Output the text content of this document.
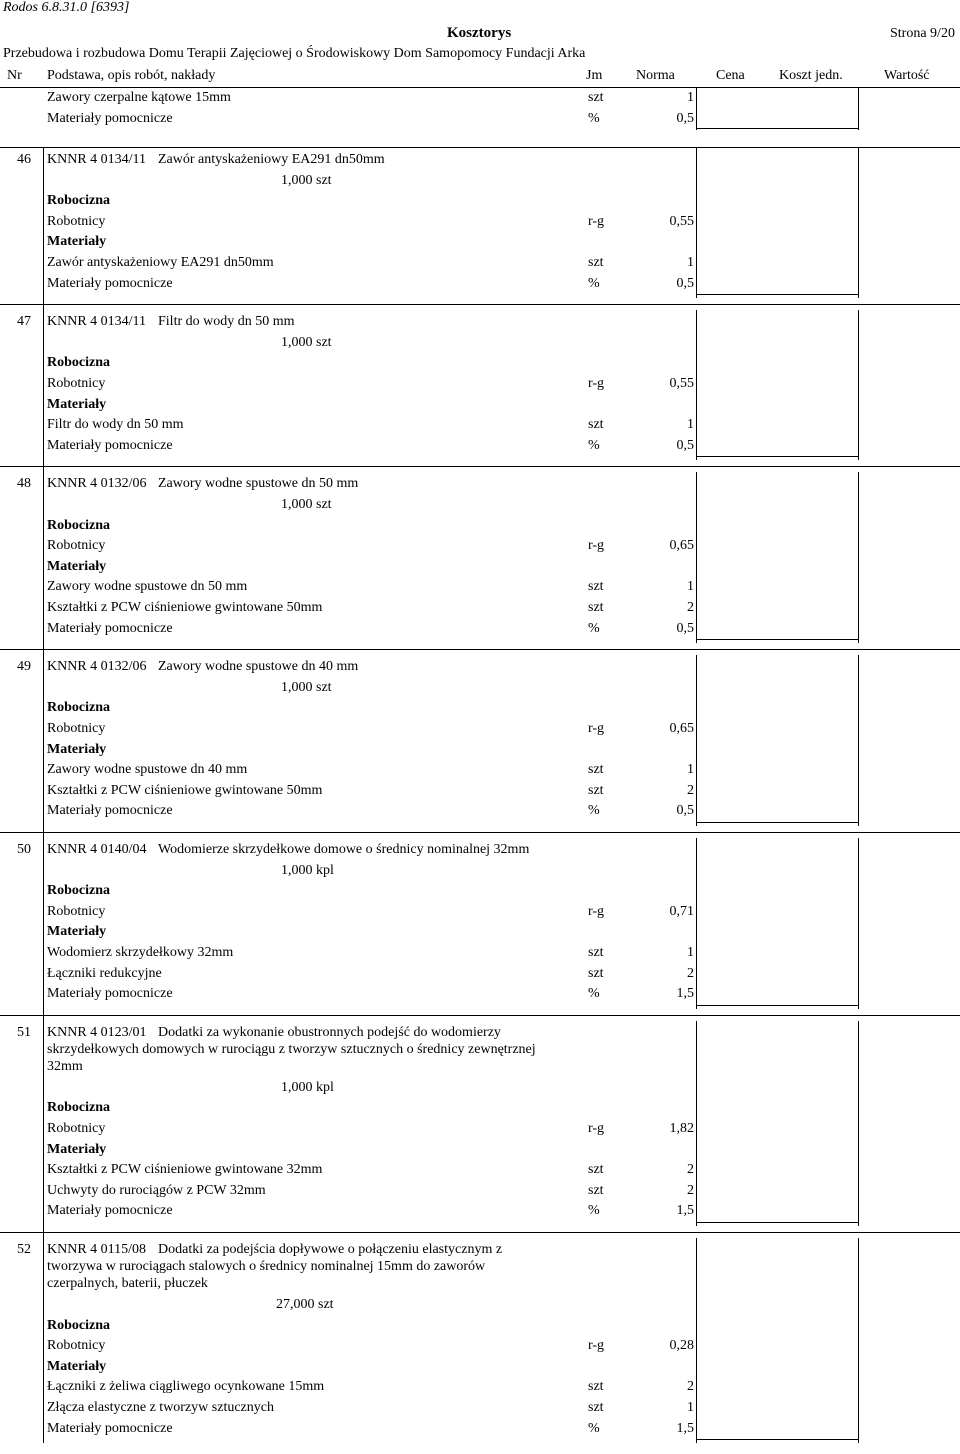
Rodos 6.8.31.0 [6393]
Kosztorys	Strona 9/20
Przebudowa i rozbudowa Domu Terapii Zajęciowej o Środowiskowy Dom Samopomocy Fundacji Arka
Nr Podstawa, opis robót, nakłady	Jm Norma	Cena Koszt jedn.	Wartość
Zawory czerpalne kątowe 15mm	szt	1
Materiały pomocnicze	%	0,5
46 KNNR 4 0134/11 Zawór antyskażeniowy EA291 dn50mm
1,000 szt
Robocizna
Robotnicy	r-g	0,55
Materiały
Zawór antyskażeniowy EA291 dn50mm	szt	1
Materiały pomocnicze	%	0,5
47 KNNR 4 0134/11 Filtr do wody dn 50 mm
1,000 szt
Robocizna
Robotnicy	r-g	0,55
Materiały
Filtr do wody dn 50 mm	szt	1
Materiały pomocnicze	%	0,5
48 KNNR 4 0132/06 Zawory wodne spustowe dn 50 mm
1,000 szt
Robocizna
Robotnicy	r-g	0,65
Materiały
Zawory wodne spustowe dn 50 mm	szt	1
Kształtki z PCW ciśnieniowe gwintowane 50mm	szt	2
Materiały pomocnicze	%	0,5
49 KNNR 4 0132/06 Zawory wodne spustowe dn 40 mm
1,000 szt
Robocizna
Robotnicy	r-g	0,65
Materiały
Zawory wodne spustowe dn 40 mm	szt	1
Kształtki z PCW ciśnieniowe gwintowane 50mm	szt	2
Materiały pomocnicze	%	0,5
50 KNNR 4 0140/04 Wodomierze skrzydełkowe domowe o średnicy nominalnej 32mm
1,000 kpl
Robocizna
Robotnicy	r-g	0,71
Materiały
Wodomierz skrzydełkowy 32mm	szt	1
Łączniki redukcyjne	szt	2
Materiały pomocnicze	%	1,5
51 KNNR 4 0123/01 Dodatki za wykonanie obustronnych podejść do wodomierzy
skrzydełkowych domowych w rurociągu z tworzyw sztucznych o średnicy zewnętrznej
32mm
1,000 kpl
Robocizna
Robotnicy	r-g	1,82
Materiały
Kształtki z PCW ciśnieniowe gwintowane 32mm	szt	2
Uchwyty do rurociągów z PCW 32mm	szt	2
Materiały pomocnicze	%	1,5
52 KNNR 4 0115/08 Dodatki za podejścia dopływowe o połączeniu elastycznym z
tworzywa w rurociągach stalowych o średnicy nominalnej 15mm do zaworów
czerpalnych, baterii, płuczek
27,000 szt
Robocizna
Robotnicy	r-g	0,28
Materiały
Łączniki z żeliwa ciągliwego ocynkowane 15mm	szt	2
Złącza elastyczne z tworzyw sztucznych	szt	1
Materiały pomocnicze	%	1,5
